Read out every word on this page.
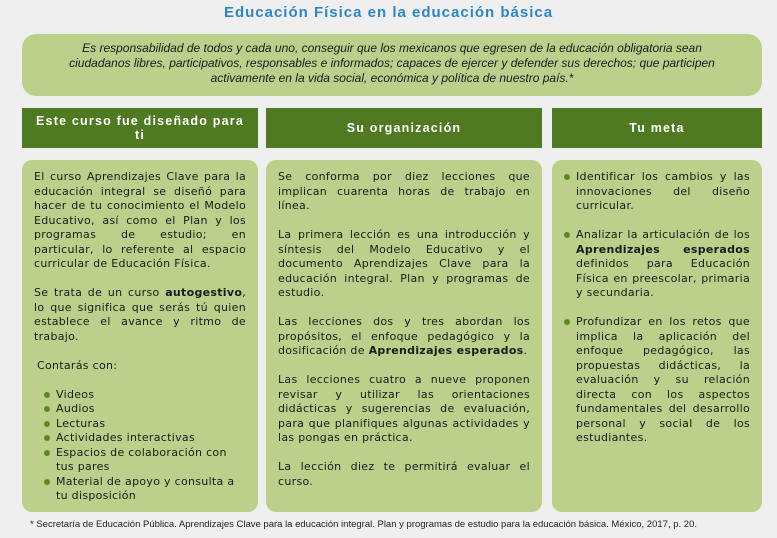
Educación Física en la educación básica
Es responsabilidad de todos y cada uno, conseguir que los mexicanos que egresen de la educación obligatoria sean ciudadanos libres, participativos, responsables e informados; capaces de ejercer y defender sus derechos; que participen activamente en la vida social, económica y política de nuestro país.*
Este curso fue diseñado para ti	Su organización	Tu meta

El curso Aprendizajes Clave para la educación integral se diseñó para hacer de tu conocimiento el Modelo Educativo, así como el Plan y los programas de estudio; en particular, lo referente al espacio curricular de Educación Física.

Se trata de un curso autogestivo, lo que significa que serás tú quien establece el avance y ritmo de trabajo.

Contarás con:

Videos
Audios
Lecturas
Actividades interactivas
Espacios de colaboración con tus pares
Material de apoyo y consulta a tu disposición

Se conforma por diez lecciones que implican cuarenta horas de trabajo en línea.

La primera lección es una introducción y síntesis del Modelo Educativo y el documento Aprendizajes Clave para la educación integral. Plan y programas de estudio.

Las lecciones dos y tres abordan los propósitos, el enfoque pedagógico y la dosificación de Aprendizajes esperados.

Las lecciones cuatro a nueve proponen revisar y utilizar las orientaciones didácticas y sugerencias de evaluación, para que planifiques algunas actividades y las pongas en práctica.

La lección diez te permitirá evaluar el curso.

Identificar los cambios y las innovaciones del diseño curricular.
Analizar la articulación de los Aprendizajes esperados definidos para Educación Física en preescolar, primaria y secundaria.
Profundizar en los retos que implica la aplicación del enfoque pedagógico, las propuestas didácticas, la evaluación y su relación directa con los aspectos fundamentales del desarrollo personal y social de los estudiantes.
* Secretaría de Educación Pública. Aprendizajes Clave para la educación integral. Plan y programas de estudio para la educación básica. México, 2017, p. 20.
